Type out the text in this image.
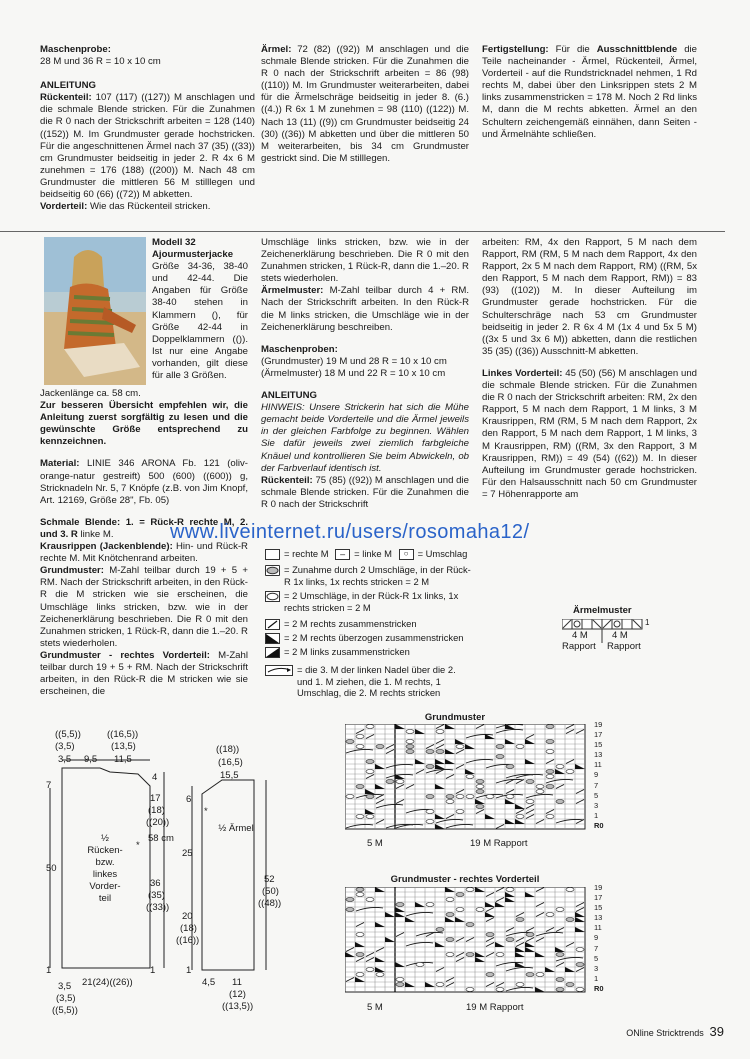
Maschenprobe:

28 M und 36 R = 10 x 10 cm

ANLEITUNG

Rückenteil: 107 (117) ((127)) M anschlagen und die schmale Blende stricken. Für die Zunahmen die R 0 nach der Strickschrift arbeiten = 128 (140) ((152)) M. Im Grundmuster gerade hochstricken. Für die angeschnittenen Ärmel nach 37 (35) ((33)) cm Grundmuster beidseitig in jeder 2. R 4x 6 M zunehmen = 176 (188) ((200)) M. Nach 48 cm Grundmuster die mittleren 56 M stilllegen und beidseitig 60 (66) ((72)) M abketten.

Vorderteil: Wie das Rückenteil stricken.

Ärmel: 72 (82) ((92)) M anschlagen und die schmale Blende stricken. Für die Zunahmen die R 0 nach der Strickschrift arbeiten = 86 (98) ((110)) M. Im Grundmuster weiterarbeiten, dabei für die Ärmelschräge beidseitig in jeder 8. (6.) ((4.)) R 6x 1 M zunehmen = 98 (110) ((122)) M. Nach 13 (11) ((9)) cm Grundmuster beidseitig 24 (30) ((36)) M abketten und über die mittleren 50 M weiterarbeiten, bis 34 cm Grundmuster gestrickt sind. Die M stilllegen.

Fertigstellung: Für die Ausschnittblende die Teile nacheinander - Ärmel, Rückenteil, Ärmel, Vorderteil - auf die Rundstricknadel nehmen, 1 Rd rechts M, dabei über den Linksrippen stets 2 M links zusammenstricken = 178 M. Noch 2 Rd links M, dann die M rechts abketten. Ärmel an den Schultern zeichengemäß einnähen, dann Seiten - und Ärmelnähte schließen.

Modell 32

Ajourmusterjacke

Größe 34-36, 38-40 und 42-44. Die Angaben für Größe 38-40 stehen in Klammern (), für Größe 42-44 in Doppelklammern (()). Ist nur eine Angabe vorhanden, gilt diese für alle 3 Größen.

Jackenlänge ca. 58 cm.

Zur besseren Übersicht empfehlen wir, die Anleitung zuerst sorgfältig zu lesen und die gewünschte Größe entsprechend zu kennzeichnen.

Material: LINIE 346 ARONA Fb. 121 (oliv-orange-natur gestreift) 500 (600) ((600)) g, Stricknadeln Nr. 5, 7 Knöpfe (z.B. von Jim Knopf, Art. 12169, Größe 28", Fb. 05)

Schmale Blende: 1. = Rück-R rechte M, 2. und 3. R linke M.

Krausrippen (Jackenblende): Hin- und Rück-R rechte M. Mit Knötchenrand arbeiten.

Grundmuster: M-Zahl teilbar durch 19 + 5 + RM. Nach der Strickschrift arbeiten, in den Rück-R die M stricken wie sie erscheinen, die Umschläge links stricken, bzw. wie in der Zeichenerklärung beschrieben. Die R 0 mit den Zunahmen stricken, 1 Rück-R, dann die 1.–20. R stets wiederholen.

Grundmuster - rechtes Vorderteil: M-Zahl teilbar durch 19 + 5 + RM. Nach der Strickschrift arbeiten, in den Rück-R die M stricken wie sie erscheinen, die

Umschläge links stricken, bzw. wie in der Zeichenerklärung beschrieben. Die R 0 mit den Zunahmen stricken, 1 Rück-R, dann die 1.–20. R stets wiederholen.

Ärmelmuster: M-Zahl teilbar durch 4 + RM. Nach der Strickschrift arbeiten. In den Rück-R die M links stricken, die Umschläge wie in der Zeichenerklärung beschreiben.

Maschenproben:

(Grundmuster) 19 M und 28 R = 10 x 10 cm

(Ärmelmuster) 18 M und 22 R = 10 x 10 cm

ANLEITUNG

HINWEIS: Unsere Strickerin hat sich die Mühe gemacht beide Vorderteile und die Ärmel jeweils in der gleichen Farbfolge zu beginnen. Wählen Sie dafür jeweils zwei ziemlich farbgleiche Knäuel und kontrollieren Sie beim Abwickeln, ob der Farbverlauf identisch ist.

Rückenteil: 75 (85) ((92)) M anschlagen und die schmale Blende stricken. Für die Zunahmen die R 0 nach der Strickschrift

arbeiten: RM, 4x den Rapport, 5 M nach dem Rapport, RM (RM, 5 M nach dem Rapport, 4x den Rapport, 2x 5 M nach dem Rapport, RM) ((RM, 5x den Rapport, 5 M nach dem Rapport, RM)) = 83 (93) ((102)) M. In dieser Aufteilung im Grundmuster gerade hochstricken. Für die Schulterschräge nach 53 cm Grundmuster beidseitig in jeder 2. R 6x 4 M (1x 4 und 5x 5 M) ((3x 5 und 3x 6 M)) abketten, dann die restlichen 35 (35) ((36)) Ausschnitt-M abketten.

Linkes Vorderteil: 45 (50) (56) M anschlagen und die schmale Blende stricken. Für die Zunahmen die R 0 nach der Strickschrift arbeiten: RM, 2x den Rapport, 5 M nach dem Rapport, 1 M links, 3 M Krausrippen, RM (RM, 5 M nach dem Rapport, 2x den Rapport, 5 M nach dem Rapport, 1 M links, 3 M Krausrippen, RM) ((RM, 3x den Rapport, 3 M Krausrippen, RM)) = 49 (54) ((62)) M. In dieser Aufteilung im Grundmuster gerade hochstricken. Für den Halsausschnitt nach 50 cm Grundmuster = 7 Höhenrapporte am

www.liveinternet.ru/users/rosomaha12/
= rechte M – = linke M ○ = Umschlag
= Zunahme durch 2 Umschläge, in der Rück-R 1x links, 1x rechts stricken = 2 M
= 2 Umschläge, in der Rück-R 1x links, 1x rechts stricken = 2 M
= 2 M rechts zusammenstricken
= 2 M rechts überzogen zusammenstricken
= 2 M links zusammenstricken
= die 3. M der linken Nadel über die 2. und 1. M ziehen, die 1. M rechts, 1 Umschlag, die 2. M rechts stricken
Ärmelmuster
1
4 M	4 M
Rapport Rapport
Grundmuster
19
17
15
13
11
9
7
5
3
1
R0
5 M	19 M Rapport
Grundmuster - rechtes Vorderteil
19
17
15
13
11
9
7
5
3
1
R0
5 M	19 M Rapport
((5,5))
(3,5)
3,5 9,5
((16,5))
(13,5)
11,5
7
4
17
(18)
((20))
58 cm
*
50
½ Rücken- bzw. linkes Vorder- teil
36
(35)
((33))
1	1
3,5 21(24)((26))
(3,5)
((5,5))
((18))
(16,5)
15,5
6
*
½ Ärmel
25
52
(50)
((48))
20
(18)
((16))
1
4,5 11
(12)
((13,5))
ONline Stricktrends 39
